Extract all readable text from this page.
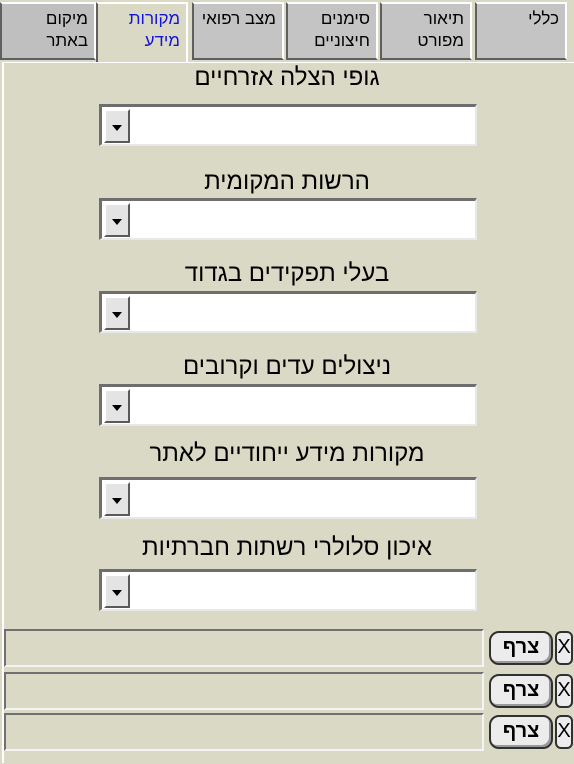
כללי
תיאור
מפורט
סימנים
חיצוניים
מצב רפואי
מקורות
מידע
מיקום
באתר
גופי הצלה אזרחיים
הרשות המקומית
בעלי תפקידים בגדוד
ניצולים עדים וקרובים
מקורות מידע ייחודיים לאתר
איכון סלולרי רשתות חברתיות
צרף X
צרף X
צרף X
